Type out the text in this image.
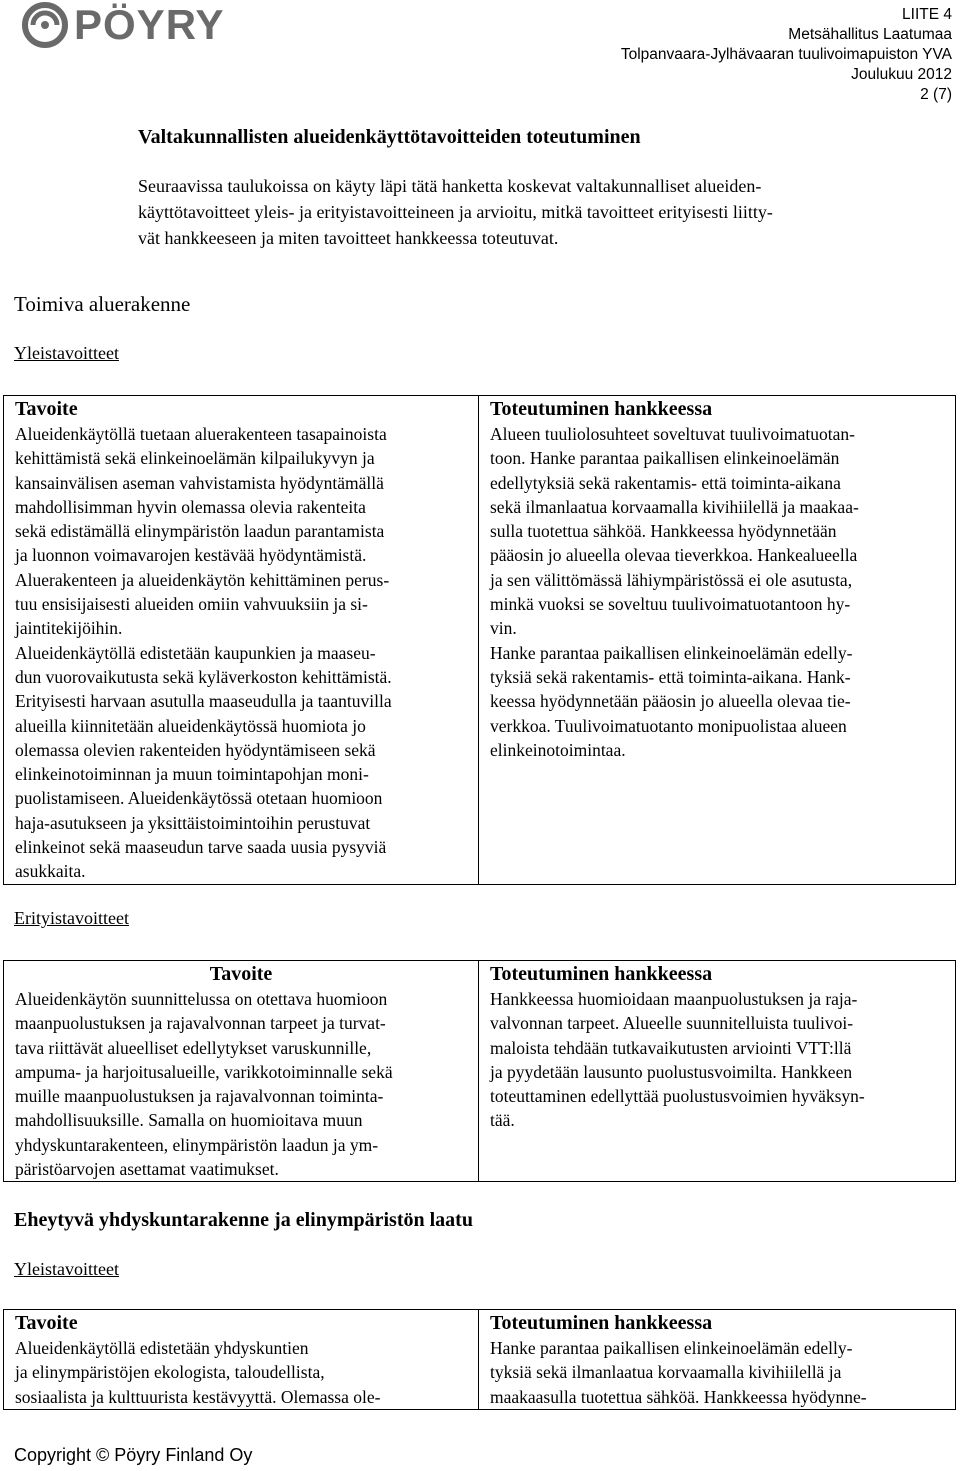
PÖYRY	LIITE 4
Metsähallitus Laatumaa
Tolpanvaara-Jylhävaaran tuulivoimapuiston YVA
Joulukuu 2012
2 (7)
Valtakunnallisten alueidenkäyttötavoitteiden toteutuminen
Seuraavissa taulukoissa on käyty läpi tätä hanketta koskevat valtakunnalliset alueiden-
käyttötavoitteet yleis- ja erityistavoitteineen ja arvioitu, mitkä tavoitteet erityisesti liitty-
vät hankkeeseen ja miten tavoitteet hankkeessa toteutuvat.
Toimiva aluerakenne
Yleistavoitteet
Tavoite
Alueidenkäytöllä tuetaan aluerakenteen tasapainoista
kehittämistä sekä elinkeinoelämän kilpailukyvyn ja
kansainvälisen aseman vahvistamista hyödyntämällä
mahdollisimman hyvin olemassa olevia rakenteita
sekä edistämällä elinympäristön laadun parantamista
ja luonnon voimavarojen kestävää hyödyntämistä.
Aluerakenteen ja alueidenkäytön kehittäminen perus-
tuu ensisijaisesti alueiden omiin vahvuuksiin ja si-
jaintitekijöihin.
Alueidenkäytöllä edistetään kaupunkien ja maaseu-
dun vuorovaikutusta sekä kyläverkoston kehittämistä.
Erityisesti harvaan asutulla maaseudulla ja taantuvilla
alueilla kiinnitetään alueidenkäytössä huomiota jo
olemassa olevien rakenteiden hyödyntämiseen sekä
elinkeinotoiminnan ja muun toimintapohjan moni-
puolistamiseen. Alueidenkäytössä otetaan huomioon
haja-asutukseen ja yksittäistoimintoihin perustuvat
elinkeinot sekä maaseudun tarve saada uusia pysyviä
asukkaita.

Toteutuminen hankkeessa
Alueen tuuliolosuhteet soveltuvat tuulivoimatuotan-
toon. Hanke parantaa paikallisen elinkeinoelämän
edellytyksiä sekä rakentamis- että toiminta-aikana
sekä ilmanlaatua korvaamalla kivihiilellä ja maakaa-
sulla tuotettua sähköä. Hankkeessa hyödynnetään
pääosin jo alueella olevaa tieverkkoa. Hankealueella
ja sen välittömässä lähiympäristössä ei ole asutusta,
minkä vuoksi se soveltuu tuulivoimatuotantoon hy-
vin.
Hanke parantaa paikallisen elinkeinoelämän edelly-
tyksiä sekä rakentamis- että toiminta-aikana. Hank-
keessa hyödynnetään pääosin jo alueella olevaa tie-
verkkoa. Tuulivoimatuotanto monipuolistaa alueen
elinkeinotoimintaa.
Erityistavoitteet
Tavoite
Alueidenkäytön suunnittelussa on otettava huomioon
maanpuolustuksen ja rajavalvonnan tarpeet ja turvat-
tava riittävät alueelliset edellytykset varuskunnille,
ampuma- ja harjoitusalueille, varikkotoiminnalle sekä
muille maanpuolustuksen ja rajavalvonnan toiminta-
mahdollisuuksille. Samalla on huomioitava muun
yhdyskuntarakenteen, elinympäristön laadun ja ym-
päristöarvojen asettamat vaatimukset.

Toteutuminen hankkeessa
Hankkeessa huomioidaan maanpuolustuksen ja raja-
valvonnan tarpeet. Alueelle suunnitelluista tuulivoi-
maloista tehdään tutkavaikutusten arviointi VTT:llä
ja pyydetään lausunto puolustusvoimilta. Hankkeen
toteuttaminen edellyttää puolustusvoimien hyväksyn-
tää.
Eheytyvä yhdyskuntarakenne ja elinympäristön laatu
Yleistavoitteet
Tavoite
Alueidenkäytöllä edistetään yhdyskuntien
ja elinympäristöjen ekologista, taloudellista,
sosiaalista ja kulttuurista kestävyyttä. Olemassa ole-

Toteutuminen hankkeessa
Hanke parantaa paikallisen elinkeinoelämän edelly-
tyksiä sekä ilmanlaatua korvaamalla kivihiilellä ja
maakaasulla tuotettua sähköä. Hankkeessa hyödynne-
Copyright © Pöyry Finland Oy
